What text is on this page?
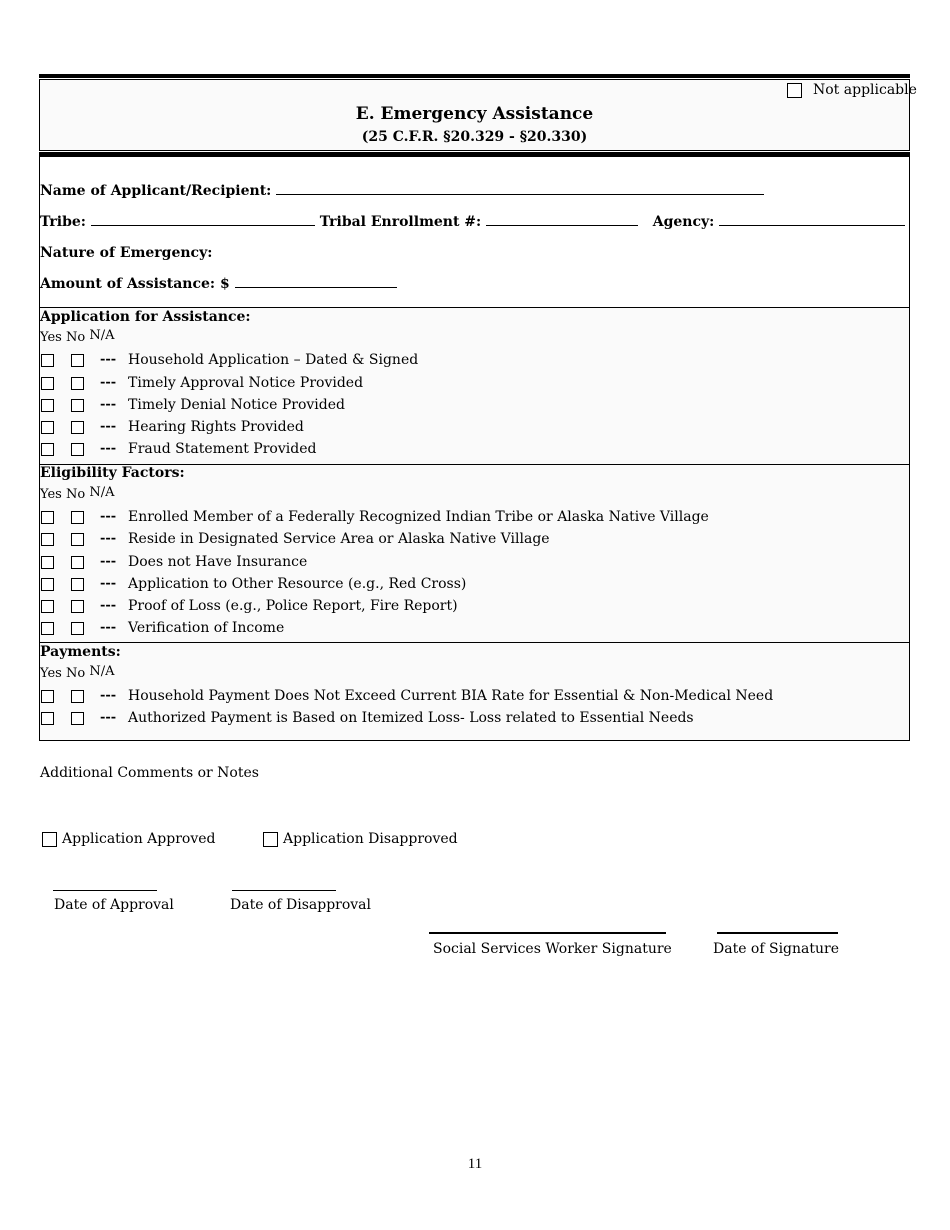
Not applicable
E. Emergency Assistance
(25 C.F.R. §20.329 - §20.330)
Name of Applicant/Recipient:
Tribe:	Tribal Enrollment #:	Agency:
Nature of Emergency:
Amount of Assistance: $
Application for Assistance:
Yes No N/A
--- Household Application – Dated & Signed
--- Timely Approval Notice Provided
--- Timely Denial Notice Provided
--- Hearing Rights Provided
--- Fraud Statement Provided
Eligibility Factors:
Yes No N/A
--- Enrolled Member of a Federally Recognized Indian Tribe or Alaska Native Village
--- Reside in Designated Service Area or Alaska Native Village
--- Does not Have Insurance
--- Application to Other Resource (e.g., Red Cross)
--- Proof of Loss (e.g., Police Report, Fire Report)
--- Verification of Income
Payments:
Yes No N/A
--- Household Payment Does Not Exceed Current BIA Rate for Essential & Non-Medical Need
--- Authorized Payment is Based on Itemized Loss- Loss related to Essential Needs
Additional Comments or Notes
Application Approved	Application Disapproved
Date of Approval	Date of Disapproval
Social Services Worker Signature	Date of Signature
11
